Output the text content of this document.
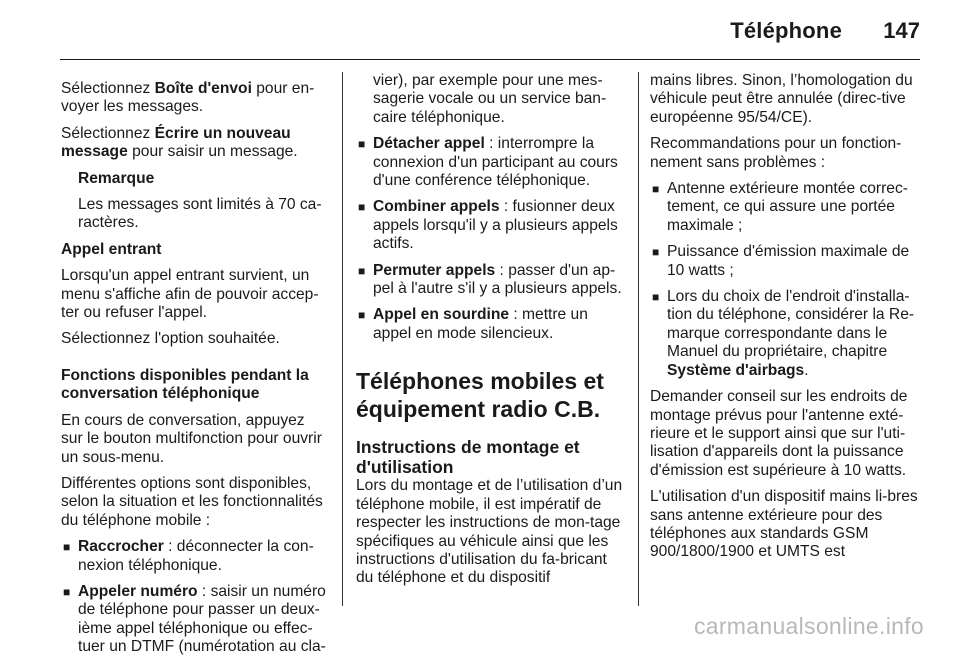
Téléphone 147

Sélectionnez Boîte d'envoi pour en-voyer les messages.

Sélectionnez Écrire un nouveau message pour saisir un message.

Remarque

Les messages sont limités à 70 ca-ractères.

Appel entrant

Lorsqu'un appel entrant survient, un menu s'affiche afin de pouvoir accep-ter ou refuser l'appel.

Sélectionnez l'option souhaitée.

Fonctions disponibles pendant la conversation téléphonique

En cours de conversation, appuyez sur le bouton multifonction pour ouvrir un sous-menu.

Différentes options sont disponibles, selon la situation et les fonctionnalités du téléphone mobile :

■ Raccrocher : déconnecter la con-nexion téléphonique.
■ Appeler numéro : saisir un numéro de téléphone pour passer un deux-ième appel téléphonique ou effec-tuer un DTMF (numérotation au cla-

vier), par exemple pour une mes-sagerie vocale ou un service ban-caire téléphonique.

■ Détacher appel : interrompre la connexion d'un participant au cours d'une conférence téléphonique.
■ Combiner appels : fusionner deux appels lorsqu'il y a plusieurs appels actifs.
■ Permuter appels : passer d'un ap-pel à l'autre s'il y a plusieurs appels.
■ Appel en sourdine : mettre un appel en mode silencieux.
Téléphones mobiles et équipement radio C.B.
Instructions de montage et d'utilisation

Lors du montage et de l’utilisation d’un téléphone mobile, il est impératif de respecter les instructions de mon-tage spécifiques au véhicule ainsi que les instructions d'utilisation du fa-bricant du téléphone et du dispositif

mains libres. Sinon, l’homologation du véhicule peut être annulée (direc-tive européenne 95/54/CE).

Recommandations pour un fonction-nement sans problèmes :

■ Antenne extérieure montée correc-tement, ce qui assure une portée maximale ;
■ Puissance d'émission maximale de 10 watts ;
■ Lors du choix de l'endroit d'installa-tion du téléphone, considérer la Re-marque correspondante dans le Manuel du propriétaire, chapitre Système d'airbags.

Demander conseil sur les endroits de montage prévus pour l'antenne exté-rieure et le support ainsi que sur l'uti-lisation d'appareils dont la puissance d'émission est supérieure à 10 watts.

L'utilisation d'un dispositif mains li-bres sans antenne extérieure pour des téléphones aux standards GSM 900/1800/1900 et UMTS est

carmanualsonline.info
